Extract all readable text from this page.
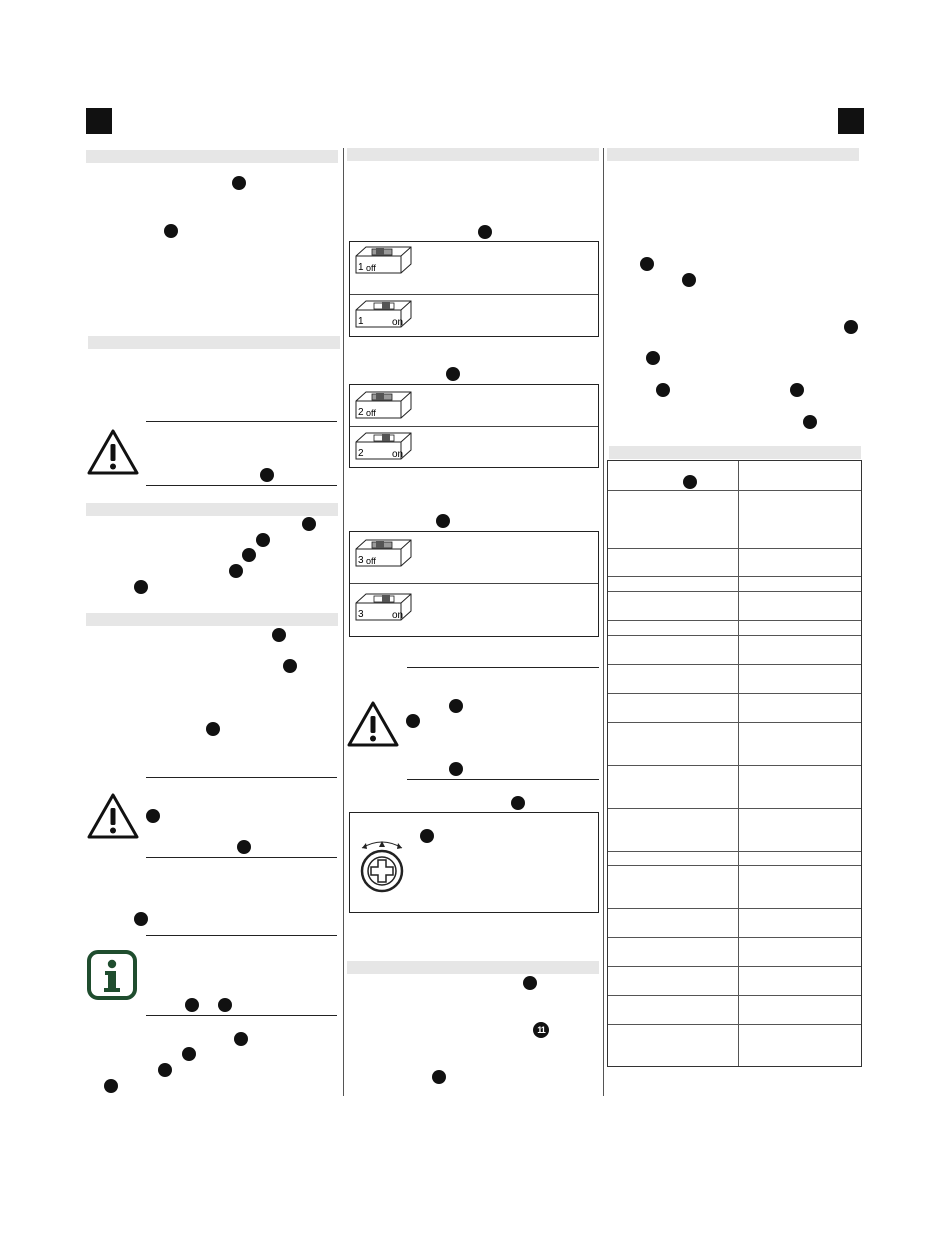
1 off
1	on
2 off
2	on
3 off
3	on
11
